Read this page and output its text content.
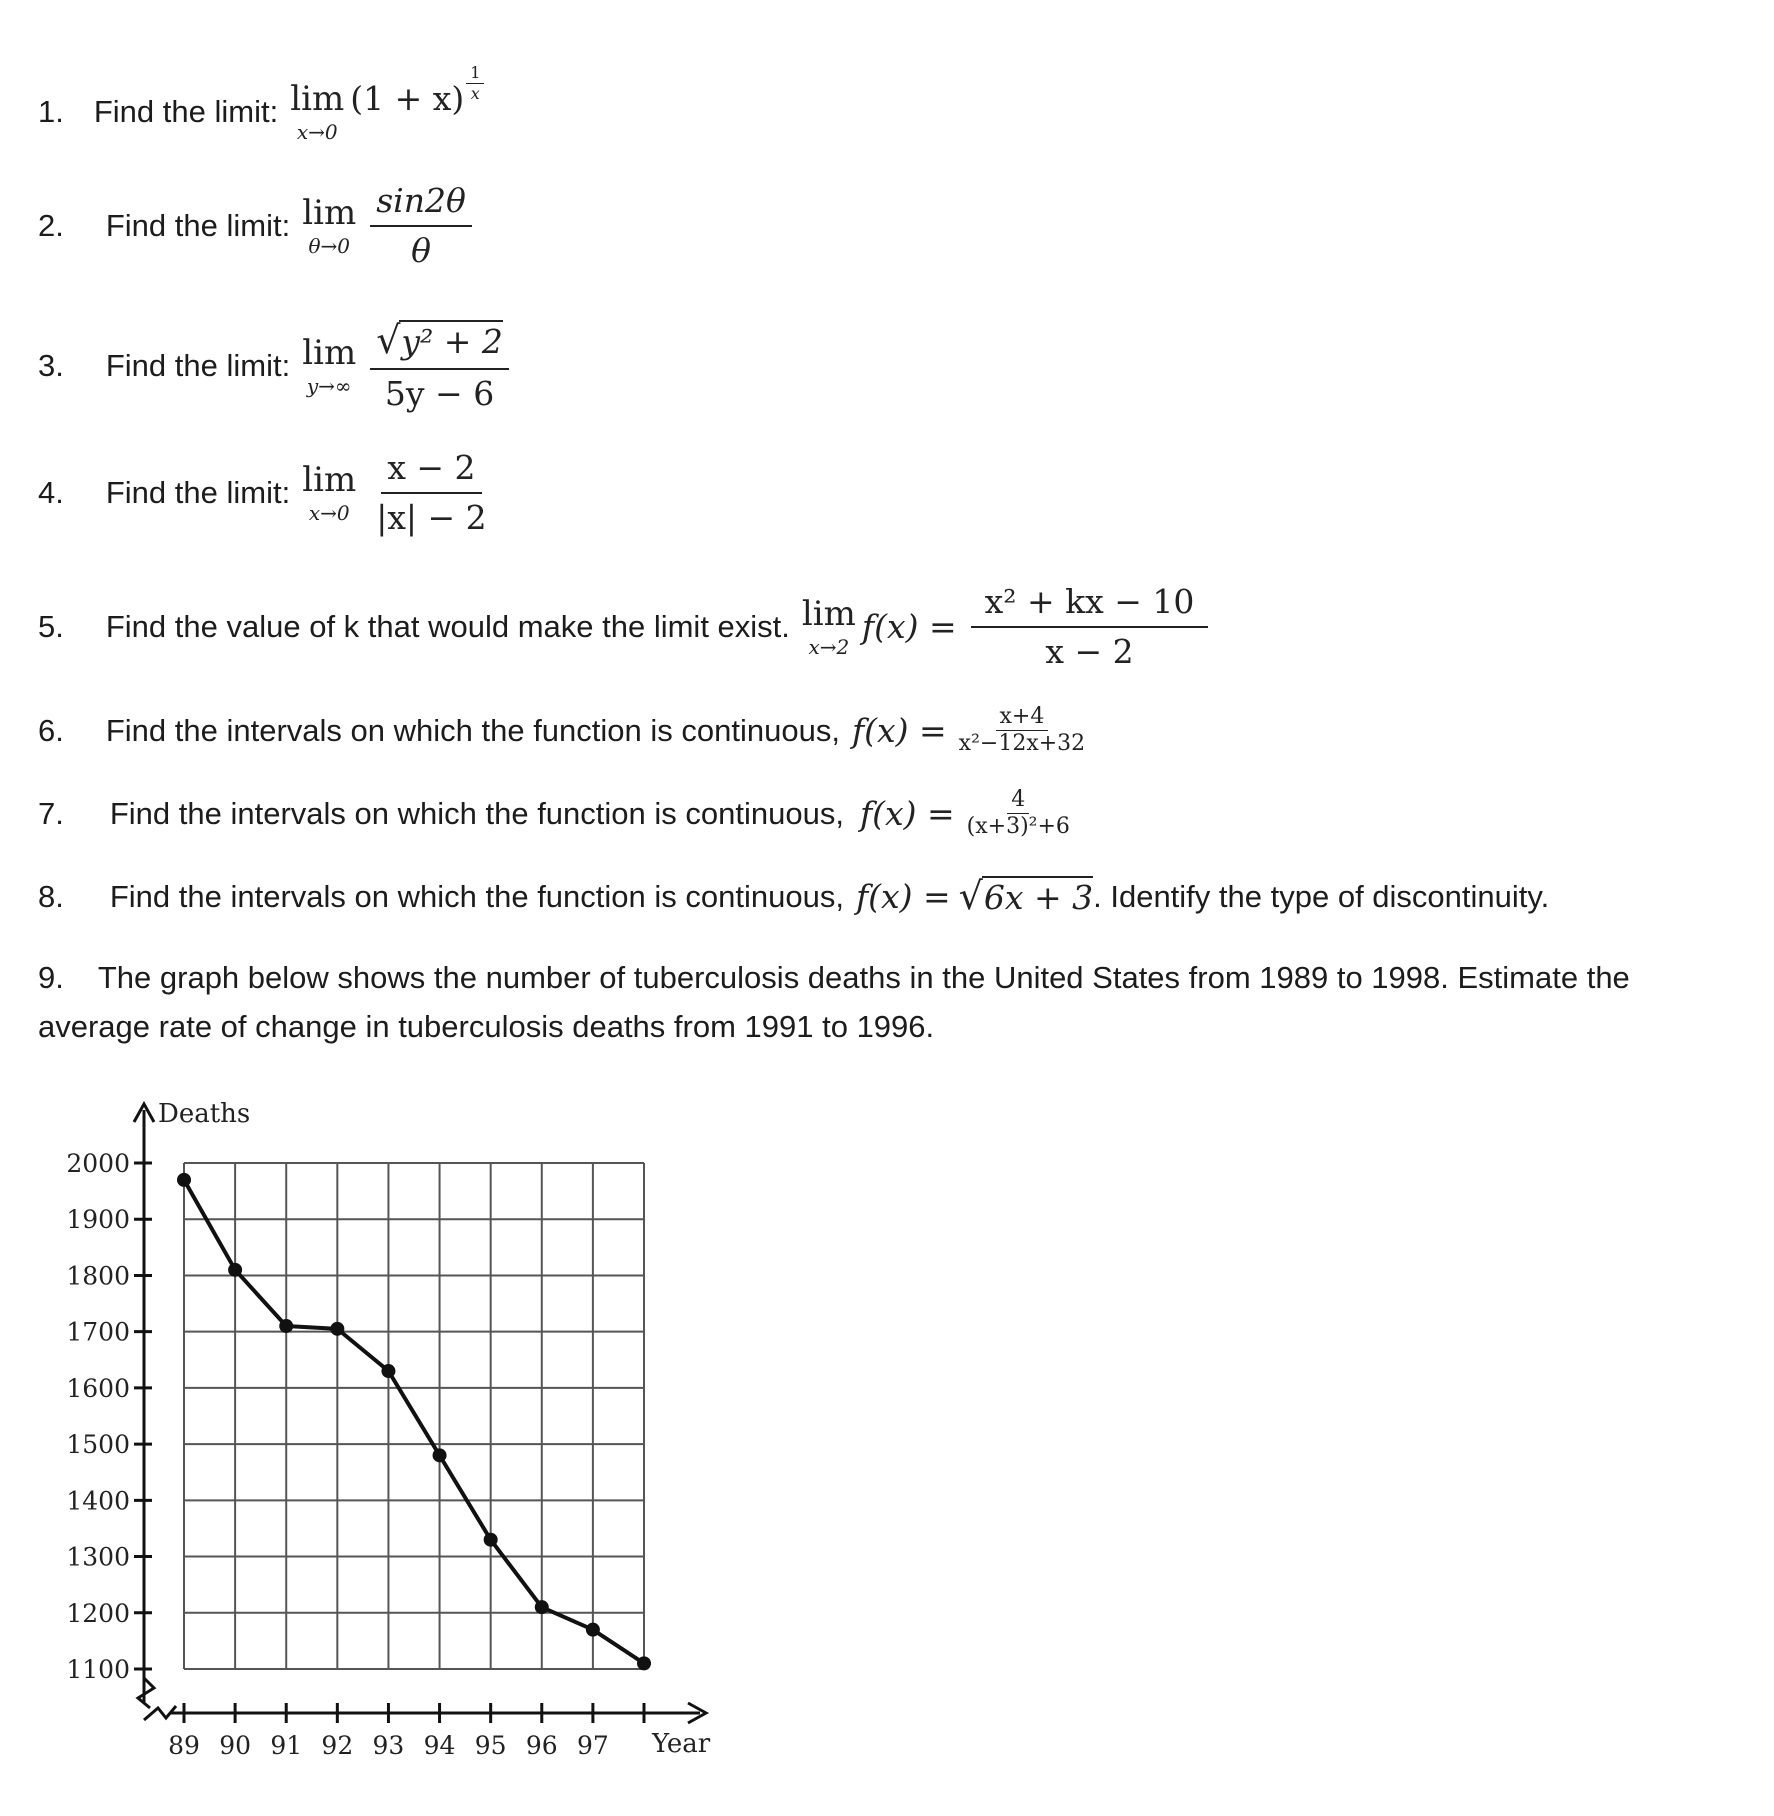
1. Find the limit: lim
x→0
$(1 + x) \frac{1}{x}$
2. Find the limit: lim
$\theta\to 0 \frac{\sin 2\theta}{\theta}$
3. Find the limit: lim
$y\to\infty \frac{\text{√y² + 2}}{5y - 6}$
4. Find the limit: lim
$x\to 0 \frac{x - 2}{|x| - 2}$
5. Find the value of k that would make the limit exist. lim
x→2
$f(x) = \frac{\text{x² + kx − 10}}{x - 2}$
6. Find the intervals on which the function is continuous, $f(x) = \frac{x+4}{\text{x²−12x+32}}$
7. Find the intervals on which the function is continuous, $f(x) = \frac{4}{\text{(x+3)²+6}}$
8. Find the intervals on which the function is continuous, f(x) = √6x + 3 . Identify the type of discontinuity.
9. The graph below shows the number of tuberculosis deaths in the United States from 1989 to 1998. Estimate the average rate of change in tuberculosis deaths from 1991 to 1996.
2000
1900
1800
1700
1600
1500
1400
1300
1200
1100
89 90 91 92 93 94 95 96 97
Deaths
Year
